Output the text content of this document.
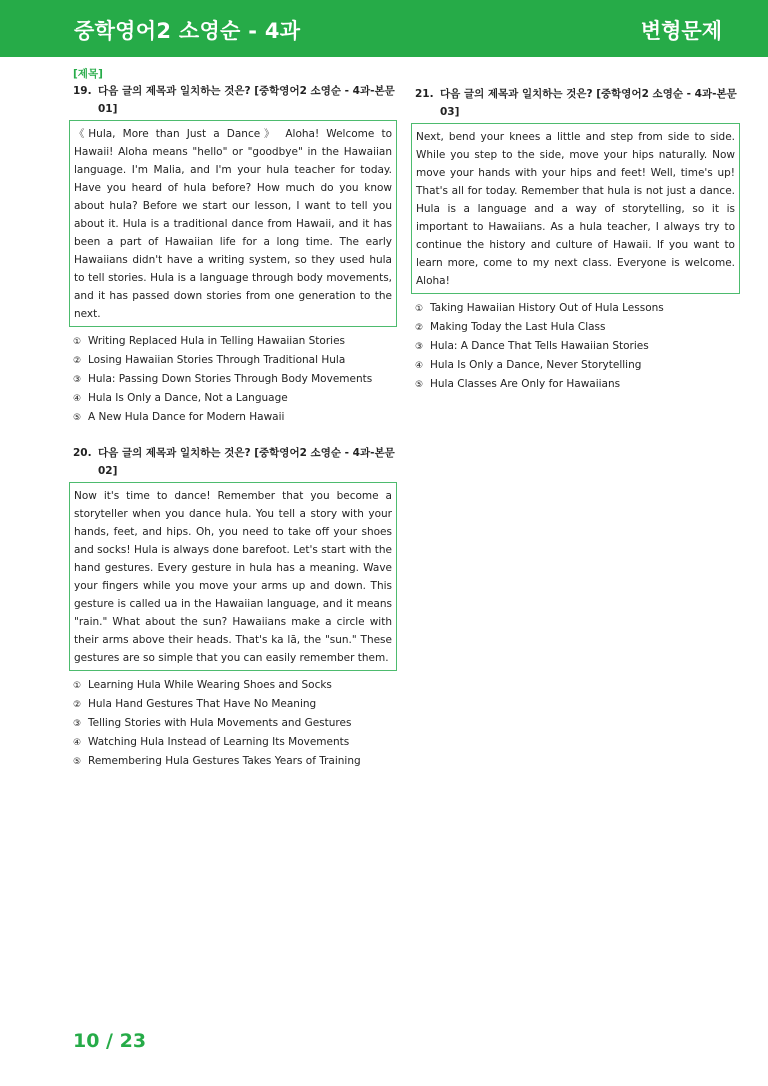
중학영어2 소영순 - 4과	변형문제
[제목]
19. 다음 글의 제목과 일치하는 것은? [중학영어2 소영순 - 4과-본문 01]
《Hula, More than Just a Dance》 Aloha! Welcome to Hawaii! Aloha means "hello" or "goodbye" in the Hawaiian language. I'm Malia, and I'm your hula teacher for today. Have you heard of hula before? How much do you know about hula? Before we start our lesson, I want to tell you about it. Hula is a traditional dance from Hawaii, and it has been a part of Hawaiian life for a long time. The early Hawaiians didn't have a writing system, so they used hula to tell stories. Hula is a language through body movements, and it has passed down stories from one generation to the next.
① Writing Replaced Hula in Telling Hawaiian Stories
② Losing Hawaiian Stories Through Traditional Hula
③ Hula: Passing Down Stories Through Body Movements
④ Hula Is Only a Dance, Not a Language
⑤ A New Hula Dance for Modern Hawaii
20. 다음 글의 제목과 일치하는 것은? [중학영어2 소영순 - 4과-본문 02]
Now it's time to dance! Remember that you become a storyteller when you dance hula. You tell a story with your hands, feet, and hips. Oh, you need to take off your shoes and socks! Hula is always done barefoot. Let's start with the hand gestures. Every gesture in hula has a meaning. Wave your fingers while you move your arms up and down. This gesture is called ua in the Hawaiian language, and it means "rain." What about the sun? Hawaiians make a circle with their arms above their heads. That's ka lā, the "sun." These gestures are so simple that you can easily remember them.
① Learning Hula While Wearing Shoes and Socks
② Hula Hand Gestures That Have No Meaning
③ Telling Stories with Hula Movements and Gestures
④ Watching Hula Instead of Learning Its Movements
⑤ Remembering Hula Gestures Takes Years of Training
21. 다음 글의 제목과 일치하는 것은? [중학영어2 소영순 - 4과-본문 03]
Next, bend your knees a little and step from side to side. While you step to the side, move your hips naturally. Now move your hands with your hips and feet! Well, time's up! That's all for today. Remember that hula is not just a dance. Hula is a language and a way of storytelling, so it is important to Hawaiians. As a hula teacher, I always try to continue the history and culture of Hawaii. If you want to learn more, come to my next class. Everyone is welcome. Aloha!
① Taking Hawaiian History Out of Hula Lessons
② Making Today the Last Hula Class
③ Hula: A Dance That Tells Hawaiian Stories
④ Hula Is Only a Dance, Never Storytelling
⑤ Hula Classes Are Only for Hawaiians
10 / 23
